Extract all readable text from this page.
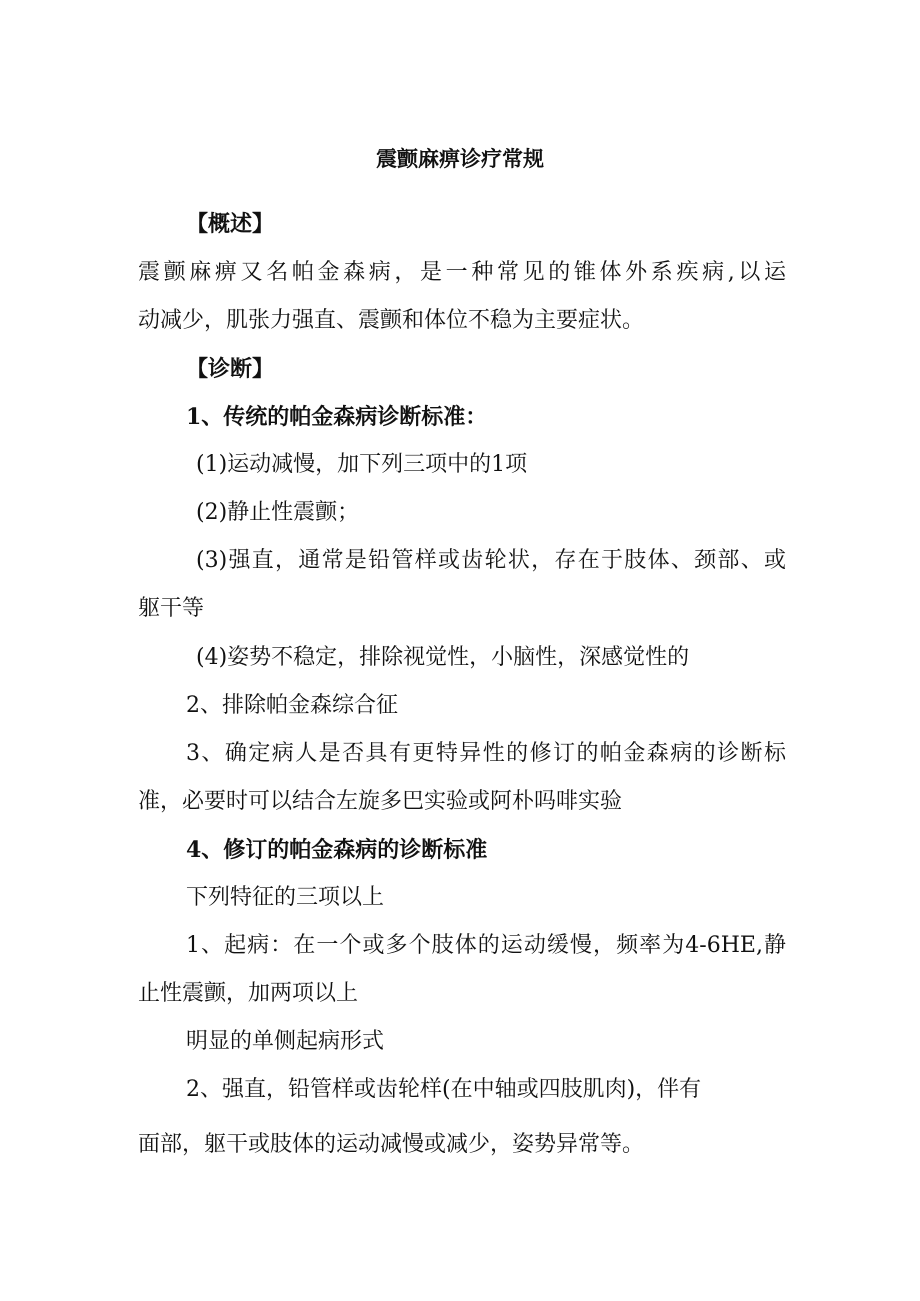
震颤麻痹诊疗常规
【概述】
震颤麻痹又名帕金森病，是一种常见的锥体外系疾病,以运
动减少，肌张力强直、震颤和体位不稳为主要症状。
【诊断】
1、传统的帕金森病诊断标准：
(1)运动减慢，加下列三项中的1项
(2)静止性震颤；
(3)强直，通常是铅管样或齿轮状，存在于肢体、颈部、或
躯干等
(4)姿势不稳定，排除视觉性，小脑性，深感觉性的
2、排除帕金森综合征
3、确定病人是否具有更特异性的修订的帕金森病的诊断标
准，必要时可以结合左旋多巴实验或阿朴吗啡实验
4、修订的帕金森病的诊断标准
下列特征的三项以上
1、起病：在一个或多个肢体的运动缓慢，频率为4-6HE,静
止性震颤，加两项以上
明显的单侧起病形式
2、强直，铅管样或齿轮样(在中轴或四肢肌肉)，伴有
面部，躯干或肢体的运动减慢或减少，姿势异常等。
